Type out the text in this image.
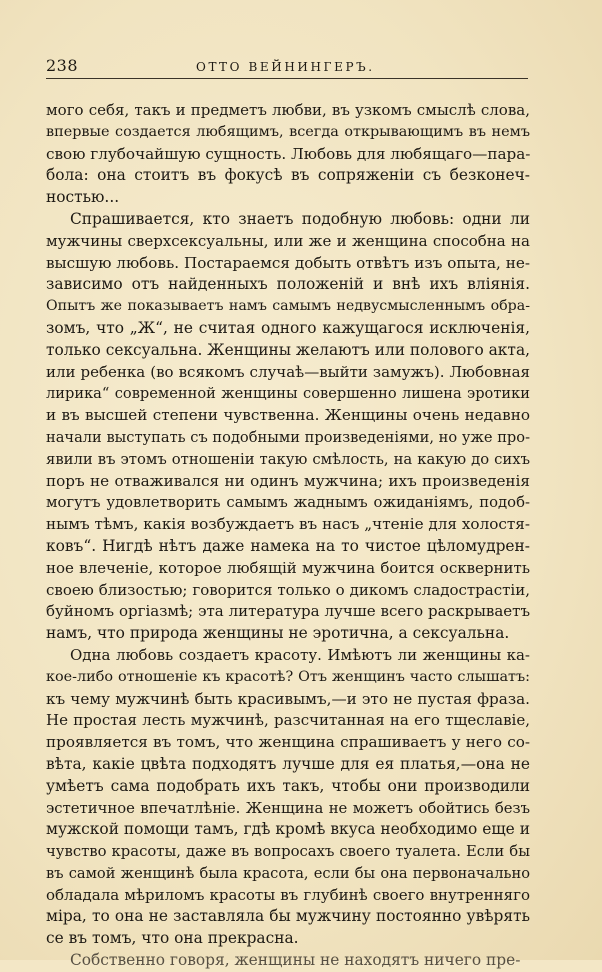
238	ОТТО ВЕЙНИНГЕРЪ.
мого себя, такъ и предметъ любви, въ узкомъ смыслѣ слова,
впервые создается любящимъ, всегда открывающимъ въ немъ
свою глубочайшую сущность. Любовь для любящаго—пара-
бола: она стоитъ въ фокусѣ въ сопряженіи съ безконеч-
ностью...
Спрашивается, кто знаетъ подобную любовь: одни ли
мужчины сверхсексуальны, или же и женщина способна на
высшую любовь. Постараемся добыть отвѣтъ изъ опыта, не-
зависимо отъ найденныхъ положеній и внѣ ихъ вліянія.
Опытъ же показываетъ намъ самымъ недвусмысленнымъ обра-
зомъ, что „Ж“, не считая одного кажущагося исключенія,
только сексуальна. Женщины желаютъ или полового акта,
или ребенка (во всякомъ случаѣ—выйти замужъ). Любовная
лирика“ современной женщины совершенно лишена эротики
и въ высшей степени чувственна. Женщины очень недавно
начали выступать съ подобными произведеніями, но уже про-
явили въ этомъ отношеніи такую смѣлость, на какую до сихъ
поръ не отваживался ни одинъ мужчина; ихъ произведенія
могутъ удовлетворить самымъ жаднымъ ожиданіямъ, подоб-
нымъ тѣмъ, какія возбуждаетъ въ насъ „чтеніе для холостя-
ковъ“. Нигдѣ нѣтъ даже намека на то чистое цѣломудрен-
ное влеченіе, которое любящій мужчина боится осквернить
своею близостью; говорится только о дикомъ сладострастіи,
буйномъ оргіазмѣ; эта литература лучше всего раскрываетъ
намъ, что природа женщины не эротична, а сексуальна.
Одна любовь создаетъ красоту. Имѣютъ ли женщины ка-
кое-либо отношеніе къ красотѣ? Отъ женщинъ часто слышатъ:
къ чему мужчинѣ быть красивымъ,—и это не пустая фраза.
Не простая лесть мужчинѣ, разсчитанная на его тщеславіе,
проявляется въ томъ, что женщина спрашиваетъ у него со-
вѣта, какіе цвѣта подходятъ лучше для ея платья,—она не
умѣетъ сама подобрать ихъ такъ, чтобы они производили
эстетичное впечатлѣніе. Женщина не можетъ обойтись безъ
мужской помощи тамъ, гдѣ кромѣ вкуса необходимо еще и
чувство красоты, даже въ вопросахъ своего туалета. Если бы
въ самой женщинѣ была красота, если бы она первоначально
обладала мѣриломъ красоты въ глубинѣ своего внутренняго
міра, то она не заставляла бы мужчину постоянно увѣрять
се въ томъ, что она прекрасна.
Собственно говоря, женщины не находятъ ничего пре-
